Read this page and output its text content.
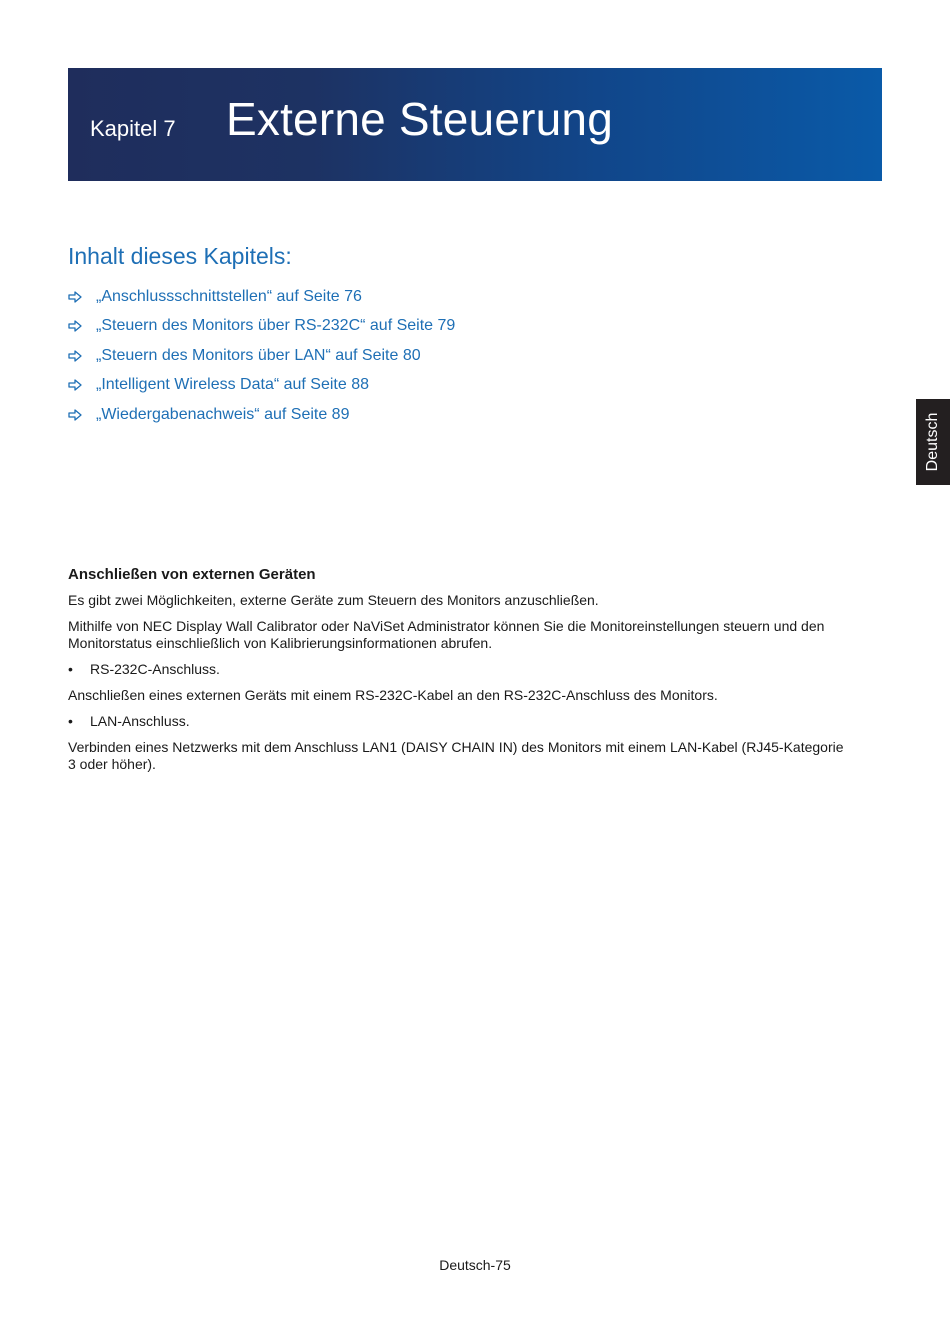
Kapitel 7 Externe Steuerung
Inhalt dieses Kapitels:
„Anschlussschnittstellen“ auf Seite 76
„Steuern des Monitors über RS-232C“ auf Seite 79
„Steuern des Monitors über LAN“ auf Seite 80
„Intelligent Wireless Data“ auf Seite 88
„Wiedergabenachweis“ auf Seite 89	Deutsch
Anschließen von externen Geräten

Es gibt zwei Möglichkeiten, externe Geräte zum Steuern des Monitors anzuschließen.

Mithilfe von NEC Display Wall Calibrator oder NaViSet Administrator können Sie die Monitoreinstellungen steuern und den Monitorstatus einschließlich von Kalibrierungsinformationen abrufen.

•	RS-232C-Anschluss.

Anschließen eines externen Geräts mit einem RS-232C-Kabel an den RS-232C-Anschluss des Monitors.

•	LAN-Anschluss.

Verbinden eines Netzwerks mit dem Anschluss LAN1 (DAISY CHAIN IN) des Monitors mit einem LAN-Kabel (RJ45-Kategorie 3 oder höher).

Deutsch-75
